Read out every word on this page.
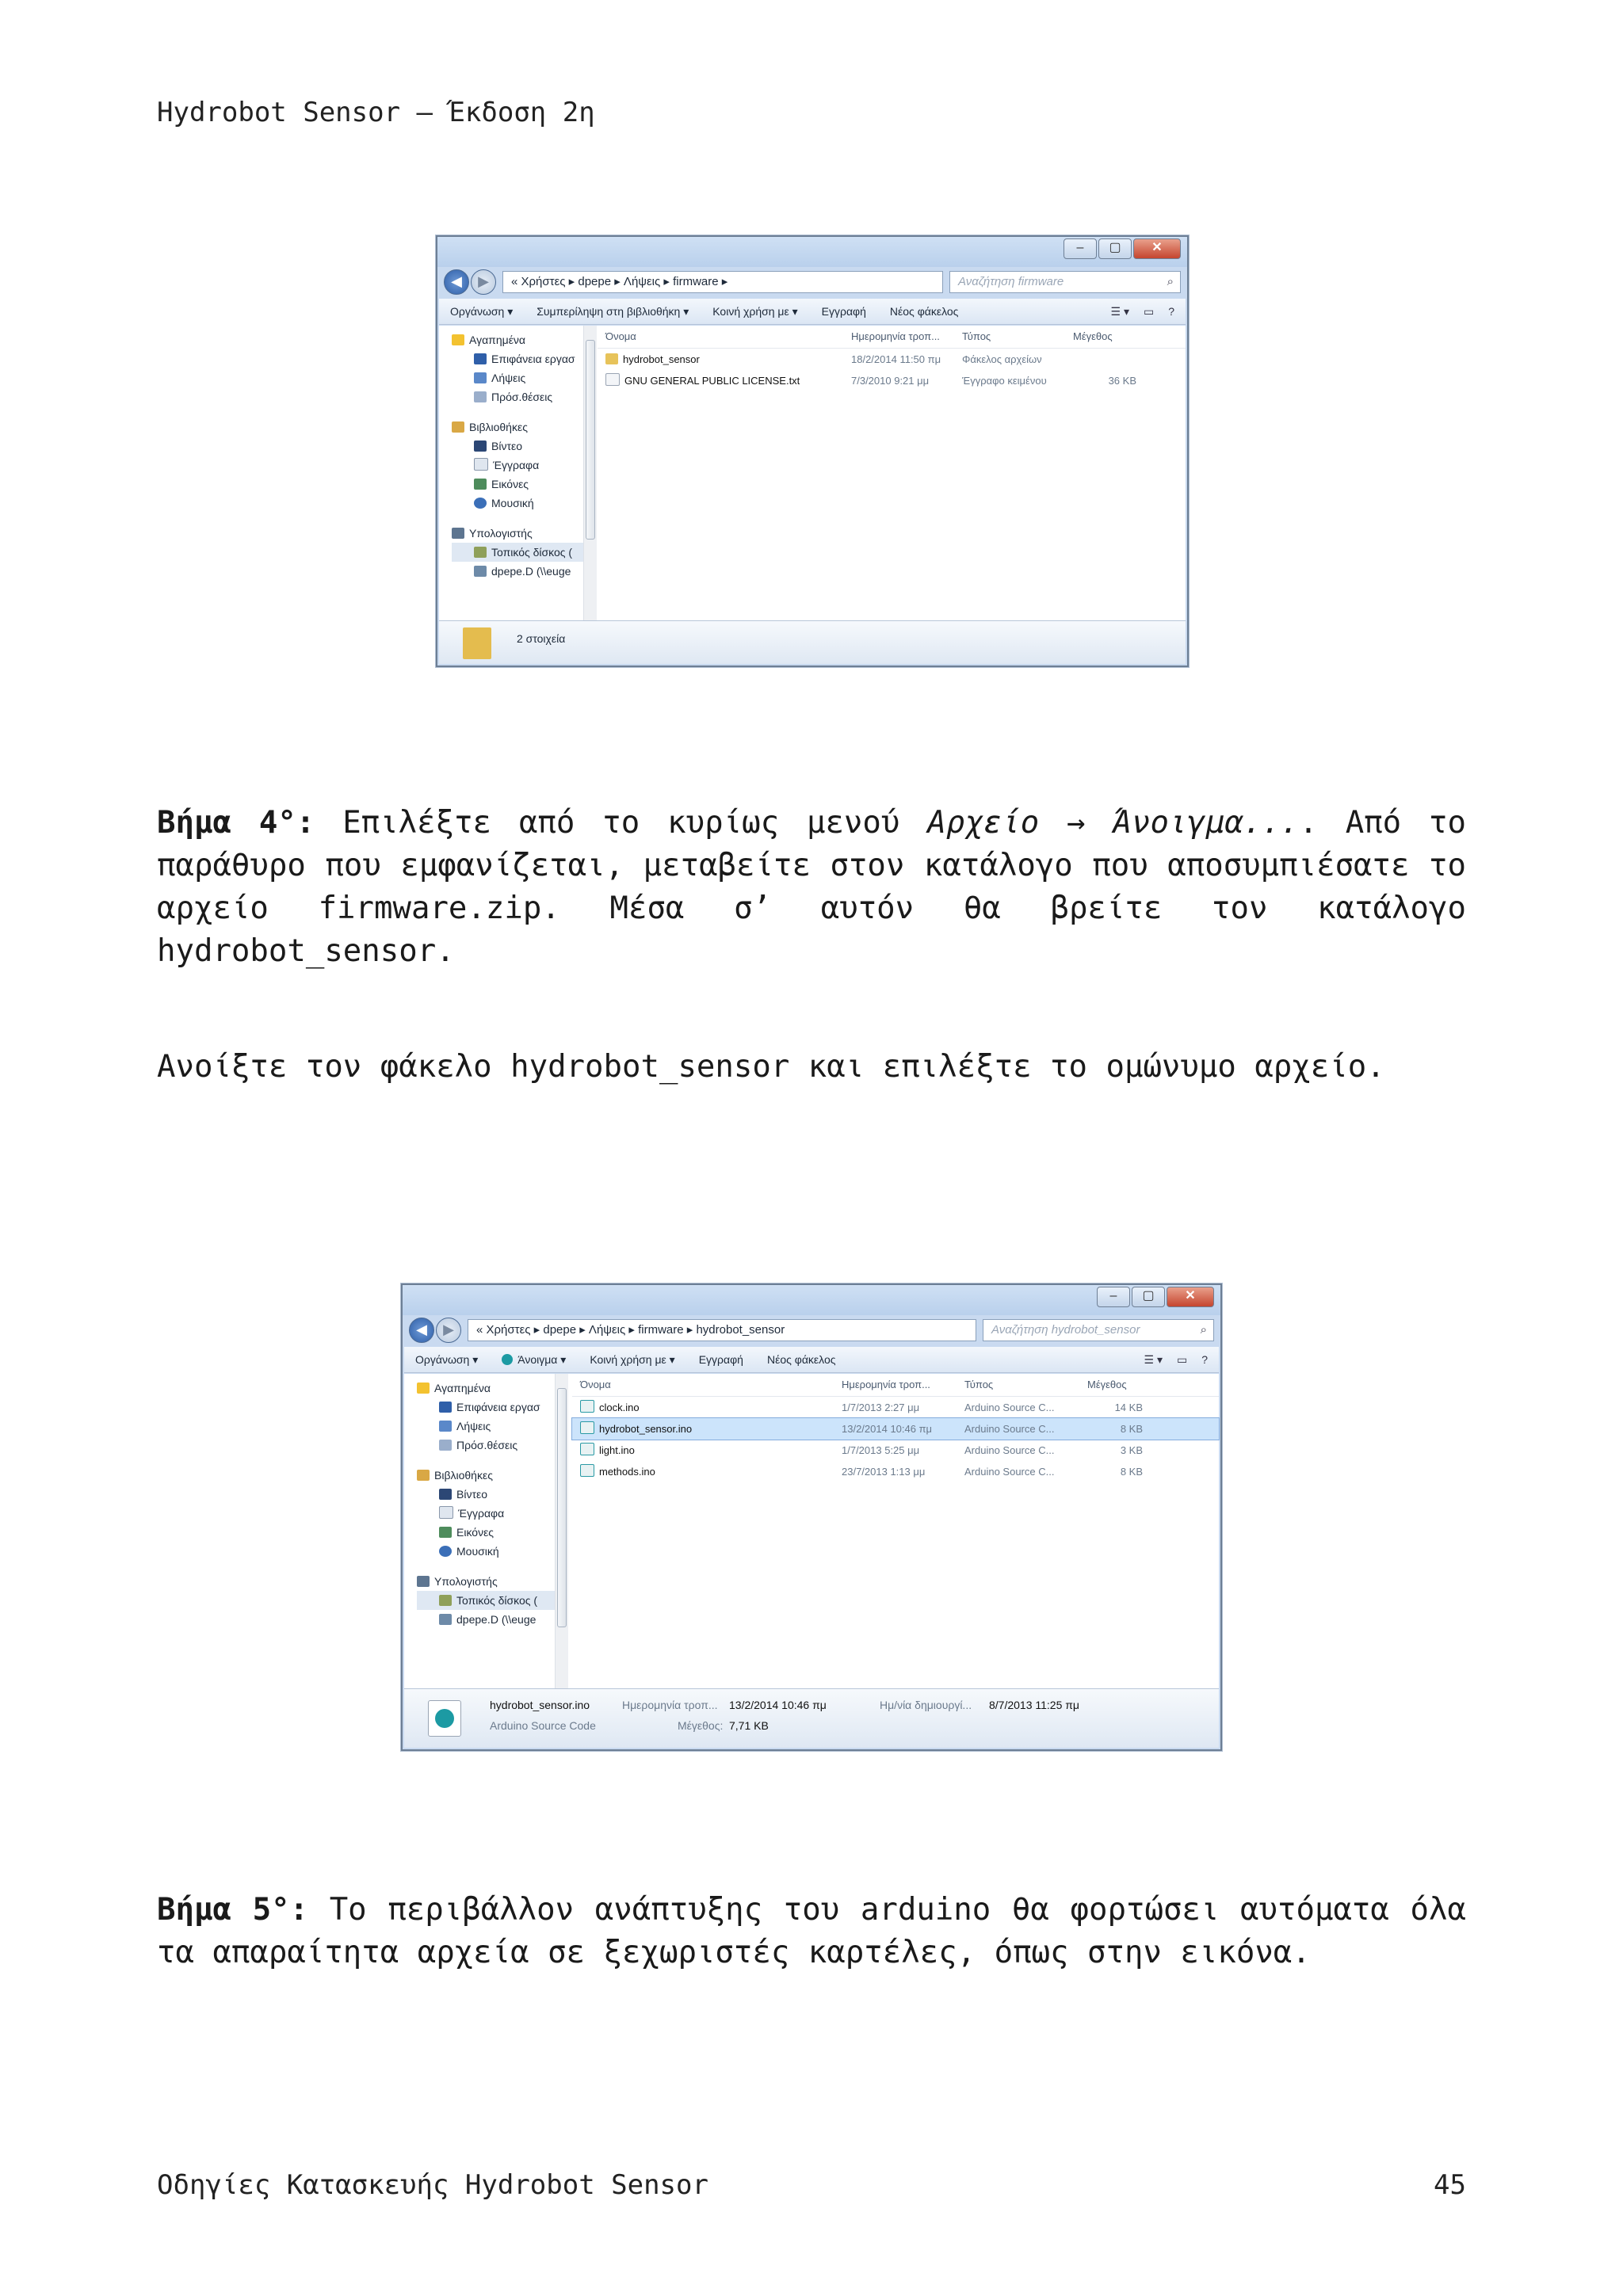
Hydrobot Sensor – Έκδοση 2η
–	▢	✕
◀	▶	« Χρήστες ▸ dpepe ▸ Λήψεις ▸ firmware ▸	Αναζήτηση firmware	⌕
Οργάνωση ▾ Συμπερίληψη στη βιβλιοθήκη ▾ Κοινή χρήση με ▾ Εγγραφή Νέος φάκελος	☰ ▾ ▭ ?
Αγαπημένα
Επιφάνεια εργασ
Λήψεις
Πρόσ.θέσεις
Βιβλιοθήκες
Βίντεο
Έγγραφα
Εικόνες
Μουσική
Υπολογιστής
Τοπικός δίσκος (
dpepe.D (\\euge
Όνομα	Ημερομηνία τροπ...	Τύπος	Μέγεθος
hydrobot_sensor	18/2/2014 11:50 πμ	Φάκελος αρχείων
GNU GENERAL PUBLIC LICENSE.txt	7/3/2010 9:21 μμ	Έγγραφο κειμένου	36 KB
2 στοιχεία
Βήμα 4°: Επιλέξτε από το κυρίως μενού Αρχείο → Άνοιγμα.... Από το παράθυρο που εμφανίζεται, μεταβείτε στον κατάλογο που αποσυμπιέσατε το αρχείο firmware.zip. Μέσα σ’ αυτόν θα βρείτε τον κατάλογο hydrobot_sensor.
Ανοίξτε τον φάκελο hydrobot_sensor και επιλέξτε το ομώνυμο αρχείο.
–	▢	✕
◀	▶	« Χρήστες ▸ dpepe ▸ Λήψεις ▸ firmware ▸ hydrobot_sensor	Αναζήτηση hydrobot_sensor	⌕
Οργάνωση ▾	Άνοιγμα ▾ Κοινή χρήση με ▾ Εγγραφή Νέος φάκελος	☰ ▾ ▭ ?
Αγαπημένα
Επιφάνεια εργασ
Λήψεις
Πρόσ.θέσεις
Βιβλιοθήκες
Βίντεο
Έγγραφα
Εικόνες
Μουσική
Υπολογιστής
Τοπικός δίσκος (
dpepe.D (\\euge
Όνομα	Ημερομηνία τροπ...	Τύπος	Μέγεθος
clock.ino	1/7/2013 2:27 μμ	Arduino Source C...	14 KB
hydrobot_sensor.ino	13/2/2014 10:46 πμ	Arduino Source C...	8 KB
light.ino	1/7/2013 5:25 μμ	Arduino Source C...	3 KB
methods.ino	23/7/2013 1:13 μμ	Arduino Source C...	8 KB
hydrobot_sensor.ino
Arduino Source Code
Ημερομηνία τροπ... 13/2/2014 10:46 πμ
Μέγεθος: 7,71 KB
Ημ/νία δημιουργί... 8/7/2013 11:25 πμ
Βήμα 5°: Το περιβάλλον ανάπτυξης του arduino θα φορτώσει αυτόματα όλα τα απαραίτητα αρχεία σε ξεχωριστές καρτέλες, όπως στην εικόνα.
Οδηγίες Κατασκευής Hydrobot Sensor	45
